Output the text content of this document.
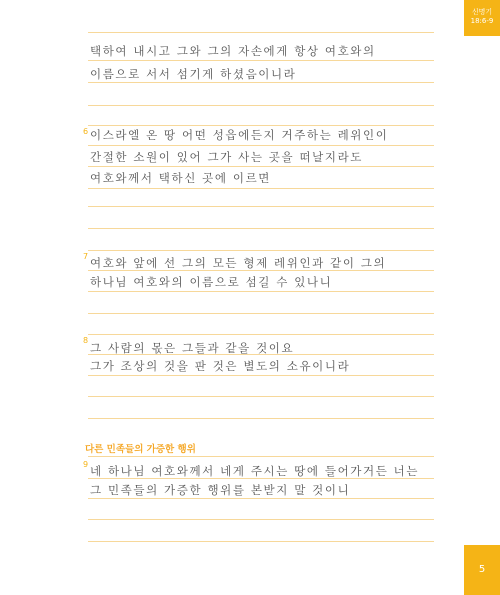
신명기
18:6-9
택하여 내시고 그와 그의 자손에게 항상 여호와의
이름으로 서서 섬기게 하셨음이니라
6 이스라엘 온 땅 어떤 성읍에든지 거주하는 레위인이
간절한 소원이 있어 그가 사는 곳을 떠날지라도
여호와께서 택하신 곳에 이르면
7 여호와 앞에 선 그의 모든 형제 레위인과 같이 그의
하나님 여호와의 이름으로 섬길 수 있나니
8
그 사람의 몫은 그들과 같을 것이요
그가 조상의 것을 판 것은 별도의 소유이니라
다른 민족들의 가증한 행위
9 네 하나님 여호와께서 네게 주시는 땅에 들어가거든 너는
그 민족들의 가증한 행위를 본받지 말 것이니
5
